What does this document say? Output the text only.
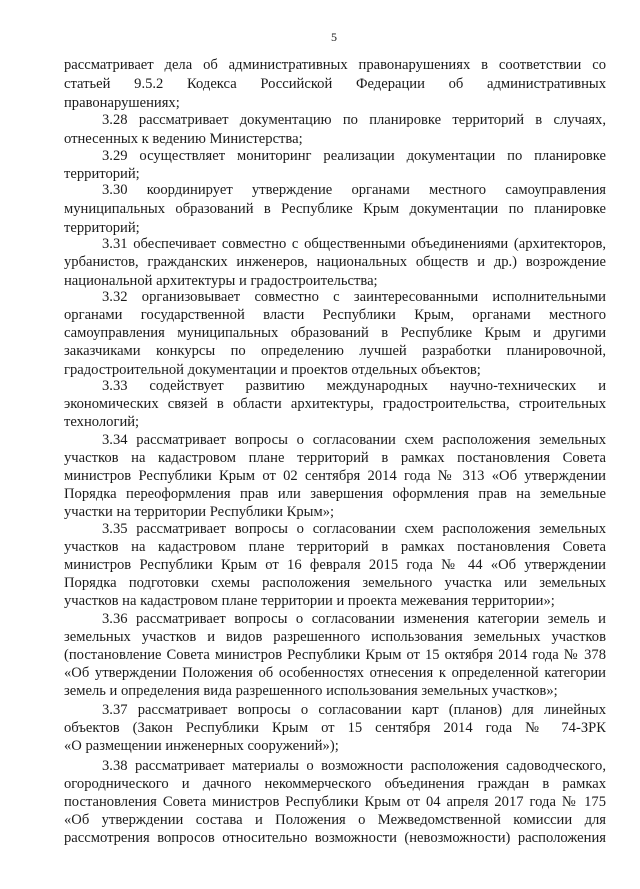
5

рассматривает дела об административных правонарушениях в соответствии со

статьей 9.5.2 Кодекса Российской Федерации об административных

правонарушениях;

3.28 рассматривает документацию по планировке территорий в случаях,

отнесенных к ведению Министерства;

3.29 осуществляет мониторинг реализации документации по планировке

территорий;

3.30 координирует утверждение органами местного самоуправления

муниципальных образований в Республике Крым документации по планировке

территорий;

3.31 обеспечивает совместно с общественными объединениями (архитекторов,

урбанистов, гражданских инженеров, национальных обществ и др.) возрождение

национальной архитектуры и градостроительства;

3.32 организовывает совместно с заинтересованными исполнительными

органами государственной власти Республики Крым, органами местного

самоуправления муниципальных образований в Республике Крым и другими

заказчиками конкурсы по определению лучшей разработки планировочной,

градостроительной документации и проектов отдельных объектов;

3.33 содействует развитию международных научно-технических и

экономических связей в области архитектуры, градостроительства, строительных

технологий;

3.34 рассматривает вопросы о согласовании схем расположения земельных

участков на кадастровом плане территорий в рамках постановления Совета

министров Республики Крым от 02 сентября 2014 года № 313 «Об утверждении

Порядка переоформления прав или завершения оформления прав на земельные

участки на территории Республики Крым»;

3.35 рассматривает вопросы о согласовании схем расположения земельных

участков на кадастровом плане территорий в рамках постановления Совета

министров Республики Крым от 16 февраля 2015 года № 44 «Об утверждении

Порядка подготовки схемы расположения земельного участка или земельных

участков на кадастровом плане территории и проекта межевания территории»;

3.36 рассматривает вопросы о согласовании изменения категории земель и

земельных участков и видов разрешенного использования земельных участков

(постановление Совета министров Республики Крым от 15 октября 2014 года № 378

«Об утверждении Положения об особенностях отнесения к определенной категории

земель и определения вида разрешенного использования земельных участков»;

3.37 рассматривает вопросы о согласовании карт (планов) для линейных

объектов (Закон Республики Крым от 15 сентября 2014 года № 74-ЗРК

«О размещении инженерных сооружений»);

3.38 рассматривает материалы о возможности расположения садоводческого,

огороднического и дачного некоммерческого объединения граждан в рамках

постановления Совета министров Республики Крым от 04 апреля 2017 года № 175

«Об утверждении состава и Положения о Межведомственной комиссии для

рассмотрения вопросов относительно возможности (невозможности) расположения
